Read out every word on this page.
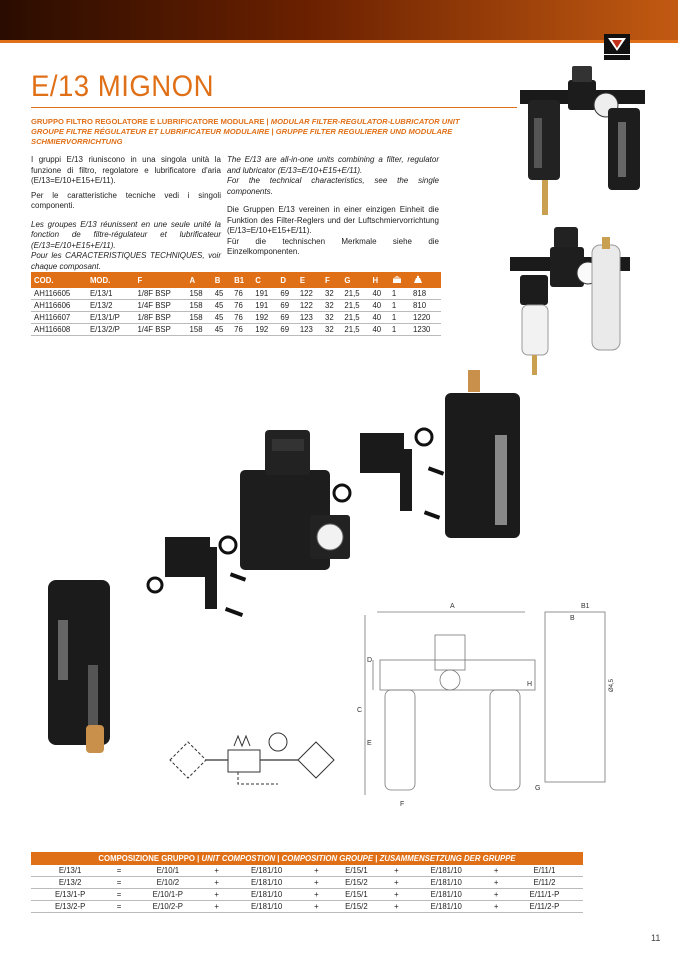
E/13 MIGNON
GRUPPO FILTRO REGOLATORE E LUBRIFICATORE MODULARE | MODULAR FILTER-REGULATOR-LUBRICATOR UNIT
GROUPE FILTRE RÉGULATEUR ET LUBRIFICATEUR MODULAIRE | GRUPPE FILTER REGULIERER UND MODULARE SCHMIERVORRICHTUNG

I gruppi E/13 riuniscono in una singola unità la funzione di filtro, regolatore e lubrificatore d'aria (E/13=E/10+E15+E/11).

Per le caratteristiche tecniche vedi i singoli componenti.

Les groupes E/13 réunissent en une seule unité la fonction de filtre-régulateur et lubrificateur (E/13=E/10+E15+E/11).

Pour les CARACTERISTIQUES TECHNIQUES, voir chaque composant.

The E/13 are all-in-one units combining a filter, regulator and lubricator (E/13=E/10+E15+E/11).

For the technical characteristics, see the single components.

Die Gruppen E/13 vereinen in einer einzigen Einheit die Funktion des Filter-Reglers und der Luftschmiervorrichtung (E/13=E/10+E15+E/11).

Für die technischen Merkmale siehe die Einzelkomponenten.

COD.	MOD.	F	A	B	B1	C	D	E	F	G	H		
AH116605	E/13/1	1/8F BSP	158	45	76	191	69	122	32	21,5	40	1	818
AH116606	E/13/2	1/4F BSP	158	45	76	191	69	122	32	21,5	40	1	810
AH116607	E/13/1/P	1/8F BSP	158	45	76	192	69	123	32	21,5	40	1	1220
AH116608	E/13/2/P	1/4F BSP	158	45	76	192	69	123	32	21,5	40	1	1230
A	B1
B
C
D
E
F
G
H	Ø4,5
COMPOSIZIONE GRUPPO | UNIT COMPOSTION | COMPOSITION GROUPE | ZUSAMMENSETZUNG DER GRUPPE										
E/13/1	=	E/10/1	+	E/181/10	+	E/15/1	+	E/181/10	+	E/11/1
E/13/2	=	E/10/2	+	E/181/10	+	E/15/2	+	E/181/10	+	E/11/2
E/13/1-P	=	E/10/1-P	+	E/181/10	+	E/15/1	+	E/181/10	+	E/11/1-P
E/13/2-P	=	E/10/2-P	+	E/181/10	+	E/15/2	+	E/181/10	+	E/11/2-P
11
